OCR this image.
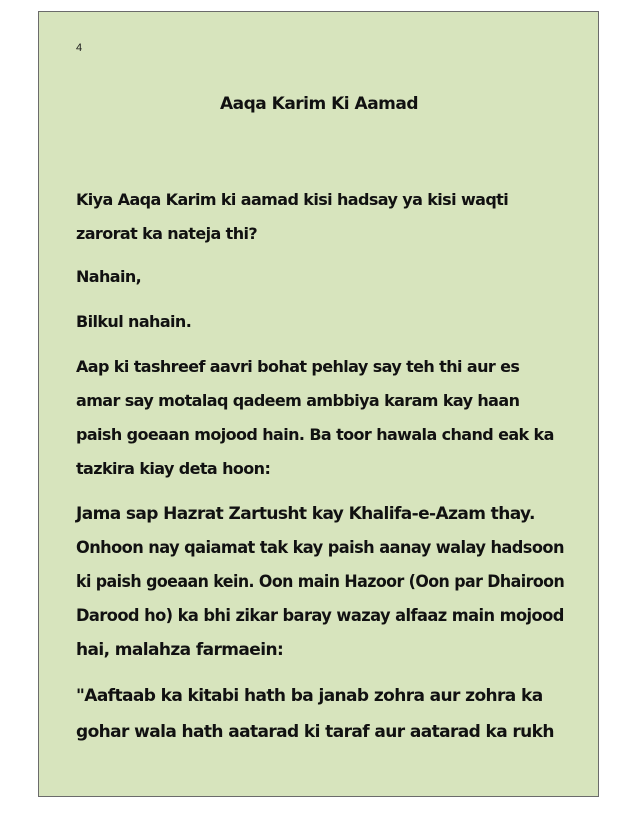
4
Aaqa Karim Ki Aamad
Kiya Aaqa Karim ki aamad kisi hadsay ya kisi waqti
zarorat ka nateja thi?
Nahain,
Bilkul nahain.
Aap ki tashreef aavri bohat pehlay say teh thi aur es
amar say motalaq qadeem ambbiya karam kay haan
paish goeaan mojood hain. Ba toor hawala chand eak ka
tazkira kiay deta hoon:
Jama sap Hazrat Zartusht kay Khalifa-e-Azam thay.
Onhoon nay qaiamat tak kay paish aanay walay hadsoon
ki paish goeaan kein. Oon main Hazoor (Oon par Dhairoon
Darood ho) ka bhi zikar baray wazay alfaaz main mojood
hai, malahza farmaein:
"Aaftaab ka kitabi hath ba janab zohra aur zohra ka
gohar wala hath aatarad ki taraf aur aatarad ka rukh
